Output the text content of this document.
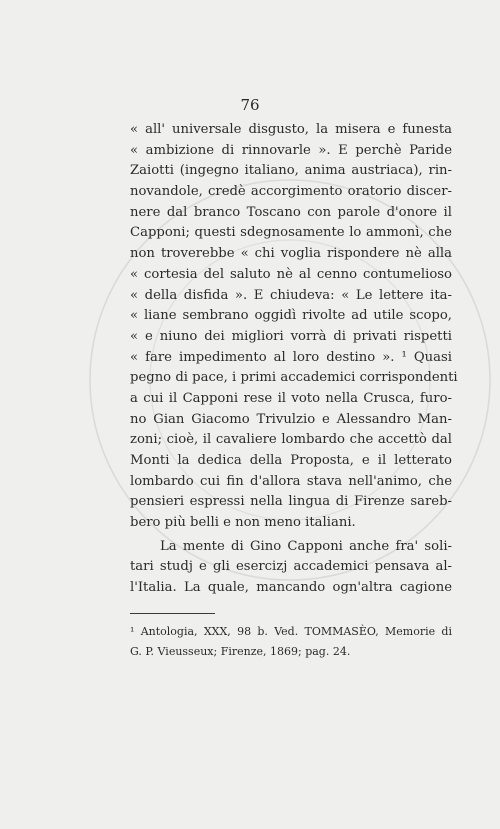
76
« all' universale disgusto, la misera e funesta
« ambizione di rinnovarle ». E perchè Paride
Zaiotti (ingegno italiano, anima austriaca), rin-
novandole, credè accorgimento oratorio discer-
nere dal branco Toscano con parole d'onore il
Capponi; questi sdegnosamente lo ammonì, che
non troverebbe « chi voglia rispondere nè alla
« cortesia del saluto nè al cenno contumelioso
« della disfida ». E chiudeva: « Le lettere ita-
« liane sembrano oggidì rivolte ad utile scopo,
« e niuno dei migliori vorrà di privati rispetti
« fare impedimento al loro destino ». ¹ Quasi
pegno di pace, i primi accademici corrispondenti
a cui il Capponi rese il voto nella Crusca, furo-
no Gian Giacomo Trivulzio e Alessandro Man-
zoni; cioè, il cavaliere lombardo che accettò dal
Monti la dedica della Proposta, e il letterato
lombardo cui fin d'allora stava nell'animo, che
pensieri espressi nella lingua di Firenze sareb-
bero più belli e non meno italiani.
La mente di Gino Capponi anche fra' soli-
tari studj e gli esercizj accademici pensava al-
l'Italia. La quale, mancando ogn'altra cagione
¹ Antologia, XXX, 98 b. Ved. TOMMASÈO, Memorie di
G. P. Vieusseux; Firenze, 1869; pag. 24.
